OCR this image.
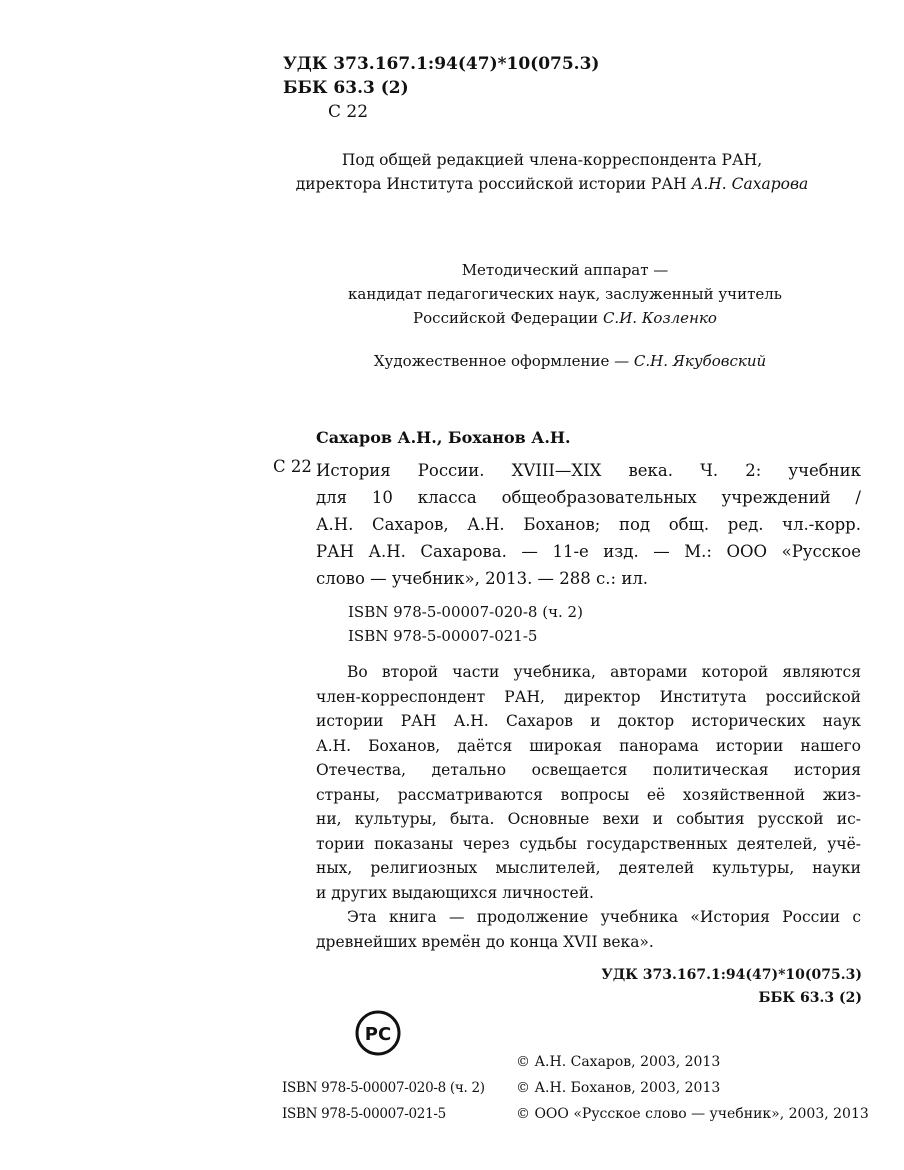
УДК 373.167.1:94(47)*10(075.3)
ББК 63.3 (2)
С 22
Под общей редакцией члена-корреспондента РАН,
директора Института российской истории РАН А.Н. Сахарова
Методический аппарат —
кандидат педагогических наук, заслуженный учитель
Российской Федерации С.И. Козленко
Художественное оформление — С.Н. Якубовский
Сахаров А.Н., Боханов А.Н.
С 22 История России. XVIII—XIX века. Ч. 2: учебник
для 10 класса общеобразовательных учреждений /
А.Н. Сахаров, А.Н. Боханов; под общ. ред. чл.-корр.
РАН А.Н. Сахарова. — 11-е изд. — М.: ООО «Русское
слово — учебник», 2013. — 288 с.: ил.
ISBN 978-5-00007-020-8 (ч. 2)
ISBN 978-5-00007-021-5
Во второй части учебника, авторами которой являются
член-корреспондент РАН, директор Института российской
истории РАН А.Н. Сахаров и доктор исторических наук
А.Н. Боханов, даётся широкая панорама истории нашего
Отечества, детально освещается политическая история
страны, рассматриваются вопросы её хозяйственной жиз-
ни, культуры, быта. Основные вехи и события русской ис-
тории показаны через судьбы государственных деятелей, учё-
ных, религиозных мыслителей, деятелей культуры, науки
и других выдающихся личностей.
Эта книга — продолжение учебника «История России с
древнейших времён до конца XVII века».
УДК 373.167.1:94(47)*10(075.3)
ББК 63.3 (2)
РС
ISBN 978-5-00007-020-8 (ч. 2)
ISBN 978-5-00007-021-5
© А.Н. Сахаров, 2003, 2013
© А.Н. Боханов, 2003, 2013
© ООО «Русское слово — учебник», 2003, 2013
